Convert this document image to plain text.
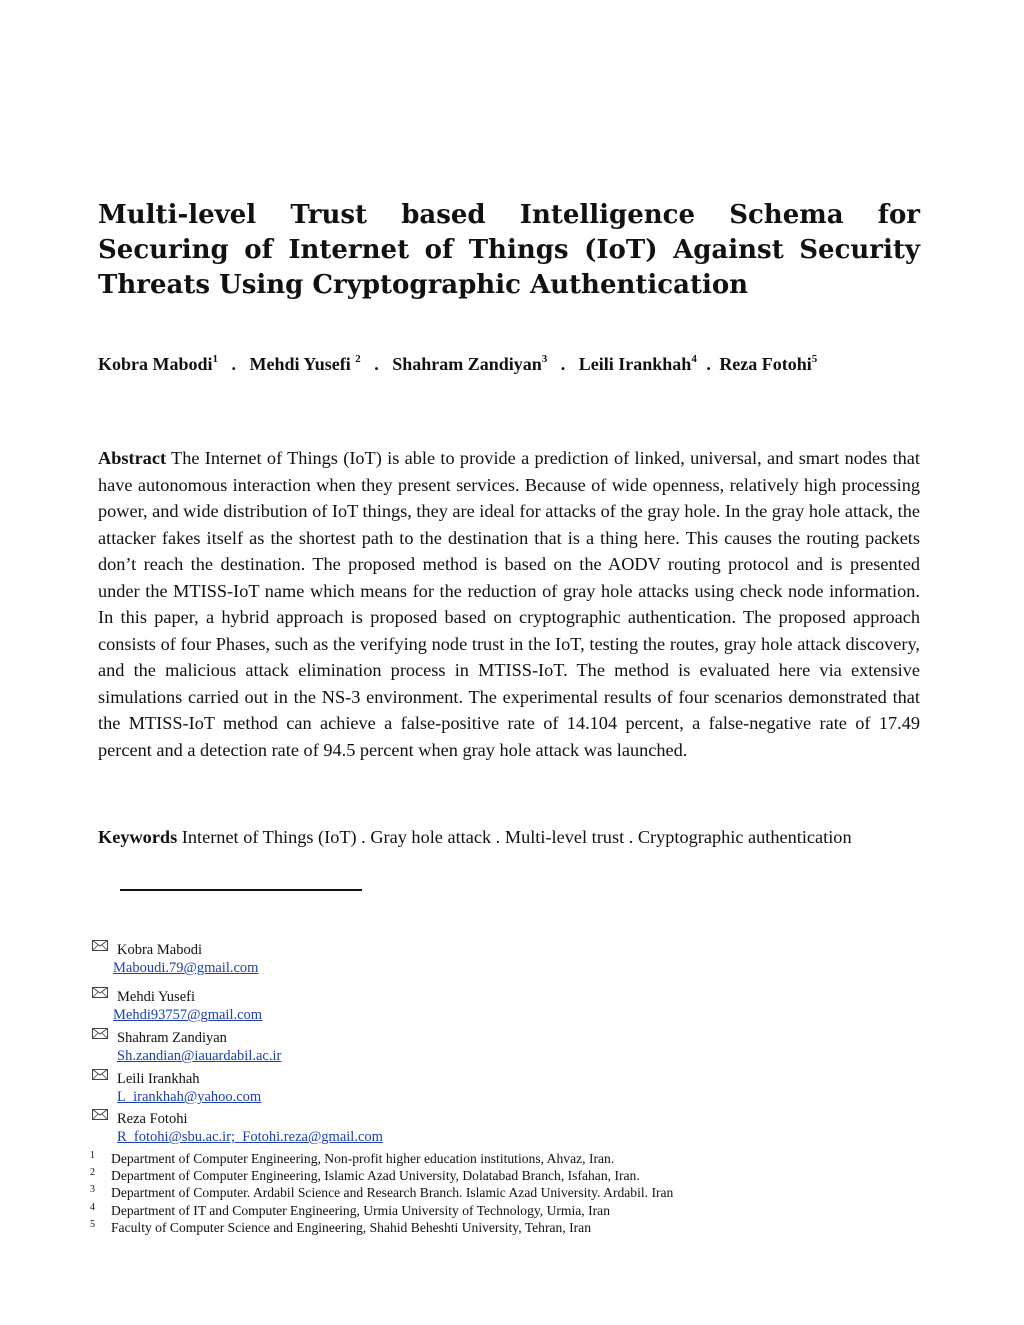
Multi-level Trust based Intelligence Schema for Securing of Internet of Things (IoT) Against Security Threats Using Cryptographic Authentication

Kobra Mabodi$^1$ . Mehdi Yusefi $^2$ . Shahram Zandiyan$^3$ . Leili Irankhah$^4$ . Reza Fotohi$^5$

Abstract The Internet of Things (IoT) is able to provide a prediction of linked, universal, and smart nodes that have autonomous interaction when they present services. Because of wide openness, relatively high processing power, and wide distribution of IoT things, they are ideal for attacks of the gray hole. In the gray hole attack, the attacker fakes itself as the shortest path to the destination that is a thing here. This causes the routing packets don’t reach the destination. The proposed method is based on the AODV routing protocol and is presented under the MTISS-IoT name which means for the reduction of gray hole attacks using check node information. In this paper, a hybrid approach is proposed based on cryptographic authentication. The proposed approach consists of four Phases, such as the verifying node trust in the IoT, testing the routes, gray hole attack discovery, and the malicious attack elimination process in MTISS-IoT. The method is evaluated here via extensive simulations carried out in the NS-3 environment. The experimental results of four scenarios demonstrated that the MTISS-IoT method can achieve a false-positive rate of 14.104 percent, a false-negative rate of 17.49 percent and a detection rate of 94.5 percent when gray hole attack was launched.

Keywords Internet of Things (IoT) . Gray hole attack . Multi-level trust . Cryptographic authentication

Kobra Mabodi
Maboudi.79@gmail.com
Mehdi Yusefi
Mehdi93757@gmail.com
Shahram Zandiyan
Sh.zandian@iauardabil.ac.ir
Leili Irankhah
L_irankhah@yahoo.com
Reza Fotohi
R_fotohi@sbu.ac.ir;  Fotohi.reza@gmail.com
1 Department of Computer Engineering, Non-profit higher education institutions, Ahvaz, Iran.
2 Department of Computer Engineering, Islamic Azad University, Dolatabad Branch, Isfahan, Iran.
3 Department of Computer. Ardabil Science and Research Branch. Islamic Azad University. Ardabil. Iran
4 Department of IT and Computer Engineering, Urmia University of Technology, Urmia, Iran
5 Faculty of Computer Science and Engineering, Shahid Beheshti University, Tehran, Iran
